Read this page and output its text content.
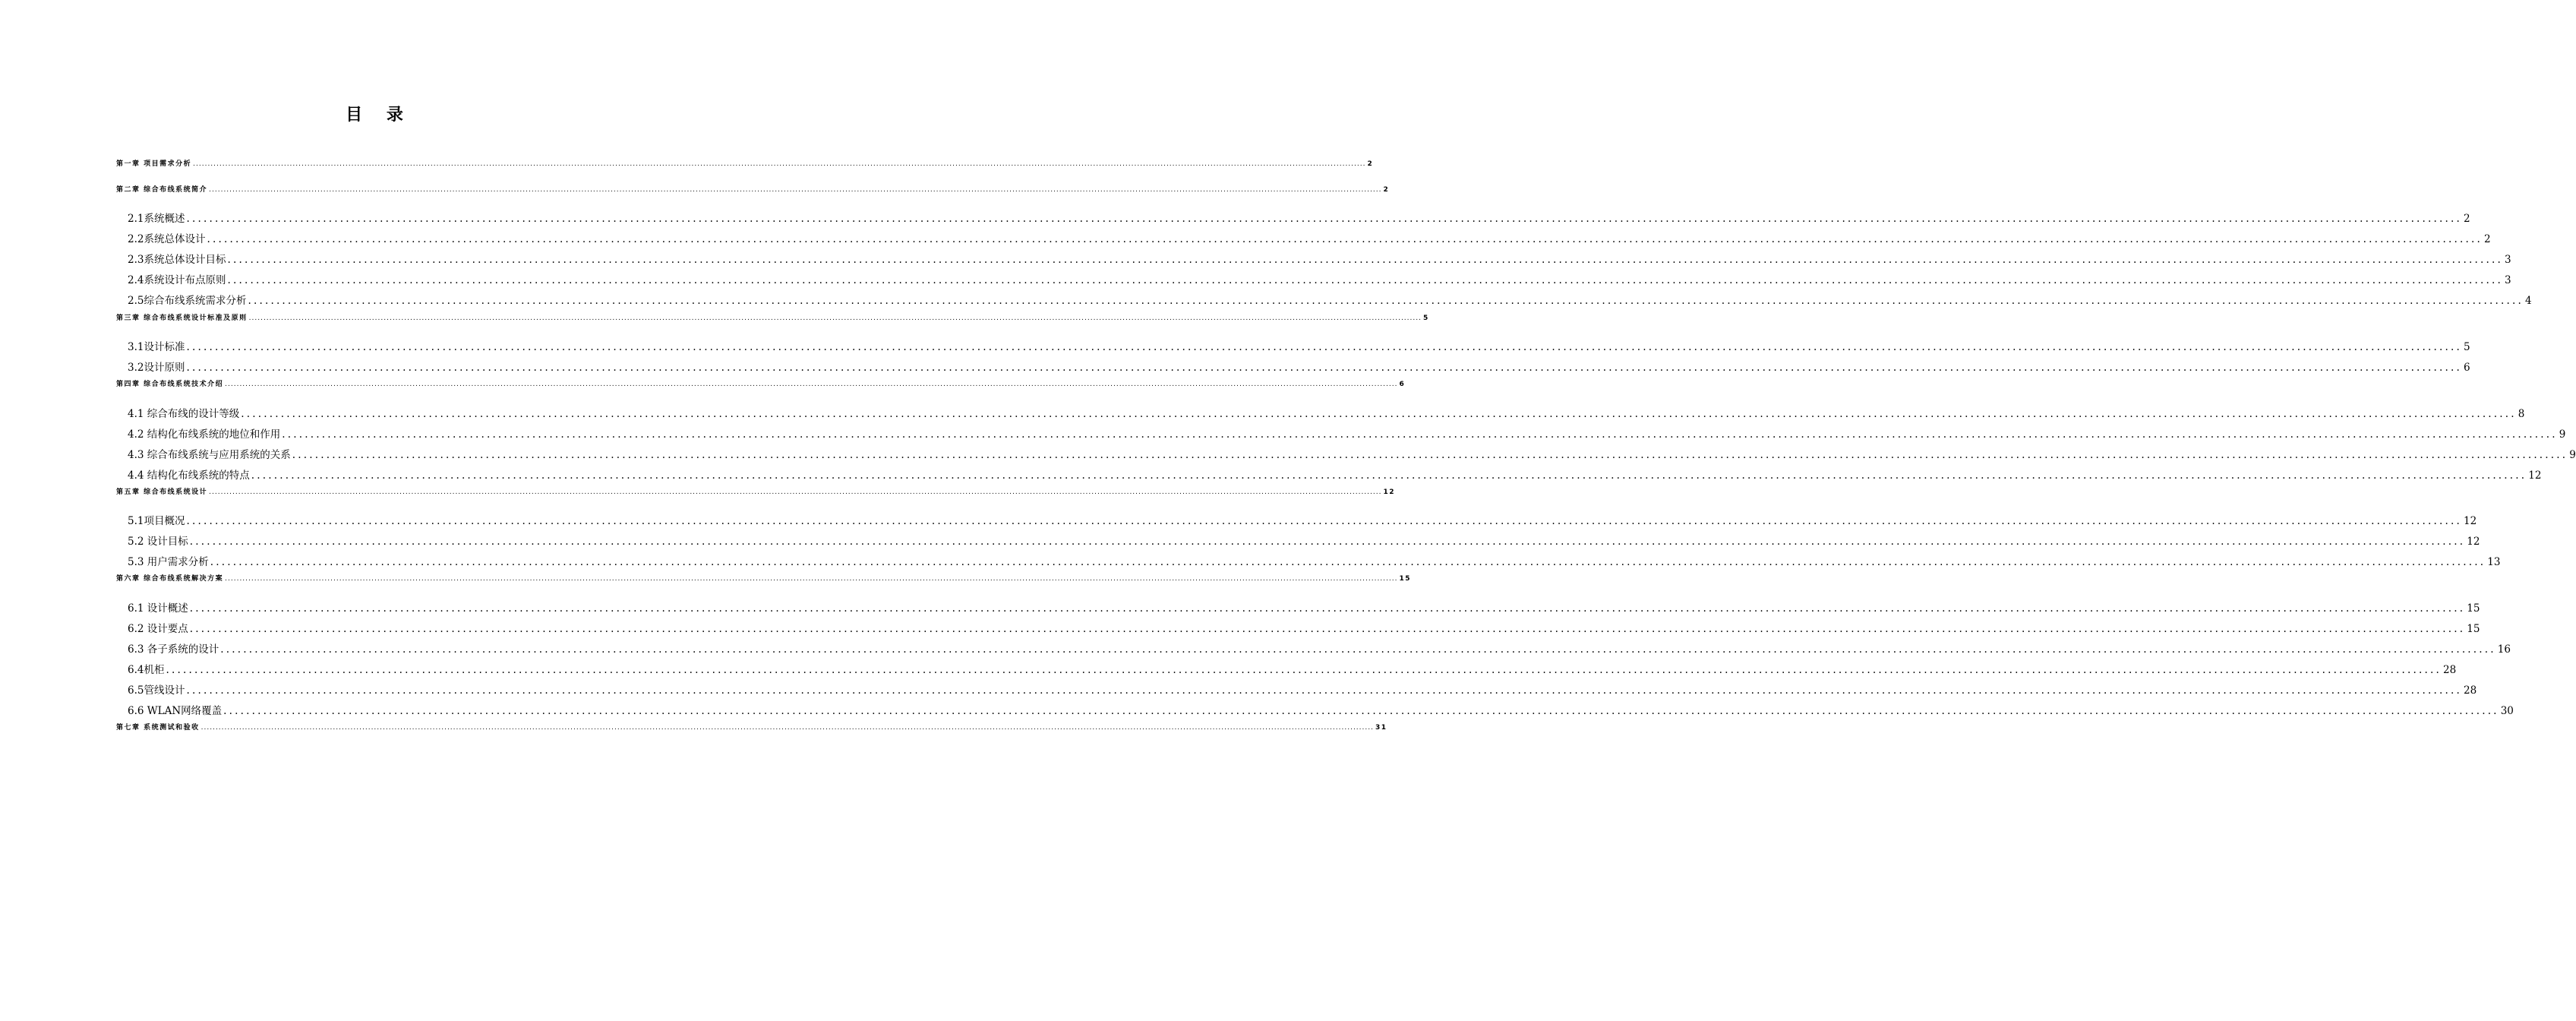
目 录
第一章 项目需求分析 ................................................................................................................................................................................................................................................................................................................................................................................................................ 2
第二章 综合布线系统简介 ................................................................................................................................................................................................................................................................................................................................................................................................................ 2
2.1系统概述 ................................................................................................................................................................................................................................................................................................................................................................................................................ 2
2.2系统总体设计 ................................................................................................................................................................................................................................................................................................................................................................................................................ 2
2.3系统总体设计目标 ................................................................................................................................................................................................................................................................................................................................................................................................................ 3
2.4系统设计布点原则 ................................................................................................................................................................................................................................................................................................................................................................................................................ 3
2.5综合布线系统需求分析 ................................................................................................................................................................................................................................................................................................................................................................................................................ 4
第三章 综合布线系统设计标准及原则 ................................................................................................................................................................................................................................................................................................................................................................................................................ 5
3.1设计标准 ................................................................................................................................................................................................................................................................................................................................................................................................................ 5
3.2设计原则 ................................................................................................................................................................................................................................................................................................................................................................................................................ 6
第四章 综合布线系统技术介绍 ................................................................................................................................................................................................................................................................................................................................................................................................................ 6
4.1 综合布线的设计等级 ................................................................................................................................................................................................................................................................................................................................................................................................................ 8
4.2 结构化布线系统的地位和作用 ................................................................................................................................................................................................................................................................................................................................................................................................................ 9
4.3 综合布线系统与应用系统的关系 ................................................................................................................................................................................................................................................................................................................................................................................................................ 9
4.4 结构化布线系统的特点 ................................................................................................................................................................................................................................................................................................................................................................................................................ 12
第五章 综合布线系统设计 ................................................................................................................................................................................................................................................................................................................................................................................................................ 12
5.1项目概况 ................................................................................................................................................................................................................................................................................................................................................................................................................ 12
5.2 设计目标 ................................................................................................................................................................................................................................................................................................................................................................................................................ 12
5.3 用户需求分析 ................................................................................................................................................................................................................................................................................................................................................................................................................ 13
第六章 综合布线系统解决方案 ................................................................................................................................................................................................................................................................................................................................................................................................................ 15
6.1 设计概述 ................................................................................................................................................................................................................................................................................................................................................................................................................ 15
6.2 设计要点 ................................................................................................................................................................................................................................................................................................................................................................................................................ 15
6.3 各子系统的设计 ................................................................................................................................................................................................................................................................................................................................................................................................................ 16
6.4机柜 ................................................................................................................................................................................................................................................................................................................................................................................................................ 28
6.5管线设计 ................................................................................................................................................................................................................................................................................................................................................................................................................ 28
6.6 WLAN网络覆盖 ................................................................................................................................................................................................................................................................................................................................................................................................................ 30
第七章 系统测试和验收 ................................................................................................................................................................................................................................................................................................................................................................................................................ 31
